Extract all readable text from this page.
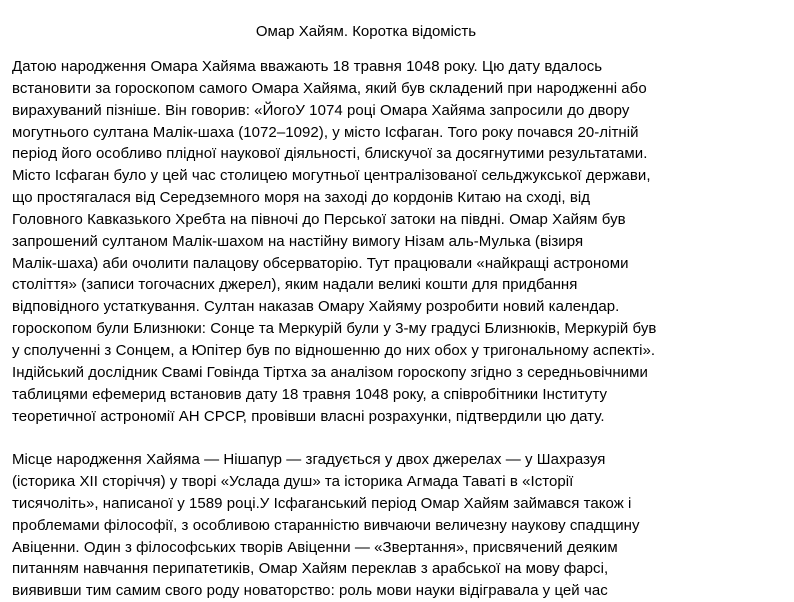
Омар Хайям. Коротка відомість
Датою народження Омара Хайяма вважають 18 травня 1048 року. Цю дату вдалось
встановити за гороскопом самого Омара Хайяма, який був складений при народженні або
вирахуваний пізніше. Він говорив: «ЙогоУ 1074 році Омара Хайяма запросили до двору
могутнього султана Малік-шаха (1072–1092), у місто Ісфаган. Того року почався 20-літній
період його особливо плідної наукової діяльності, блискучої за досягнутими результатами.
Місто Ісфаган було у цей час столицею могутньої централізованої сельджукської держави,
що простягалася від Середземного моря на заході до кордонів Китаю на сході, від
Головного Кавказького Хребта на півночі до Перської затоки на півдні. Омар Хайям був
запрошений султаном Малік-шахом на настійну вимогу Нізам аль-Мулька (візиря
Малік-шаха) аби очолити палацову обсерваторію. Тут працювали «найкращі астрономи
століття» (записи тогочасних джерел), яким надали великі кошти для придбання
відповідного устаткування. Султан наказав Омару Хайяму розробити новий календар.
гороскопом були Близнюки: Сонце та Меркурій були у 3-му градусі Близнюків, Меркурій був
у сполученні з Сонцем, а Юпітер був по відношенню до них обох у тригональному аспекті».
Індійський дослідник Свамі Говінда Тіртха за аналізом гороскопу згідно з середньовічними
таблицями ефемерид встановив дату 18 травня 1048 року, а співробітники Інституту
теоретичної астрономії АН СРСР, провівши власні розрахунки, підтвердили цю дату.
Місце народження Хайяма — Нішапур — згадується у двох джерелах — у Шахразуя
(історика XII сторіччя) у творі «Услада душ» та історика Агмада Таваті в «Історії
тисячоліть», написаної у 1589 році.У Ісфаганський період Омар Хайям займався також і
проблемами філософії, з особливою старанністю вивчаючи величезну наукову спадщину
Авіценни. Один з філософських творів Авіценни — «Звертання», присвячений деяким
питанням навчання перипатетиків, Омар Хайям переклав з арабської на мову фарсі,
виявивши тим самим свого роду новаторство: роль мови науки відігравала у цей час
